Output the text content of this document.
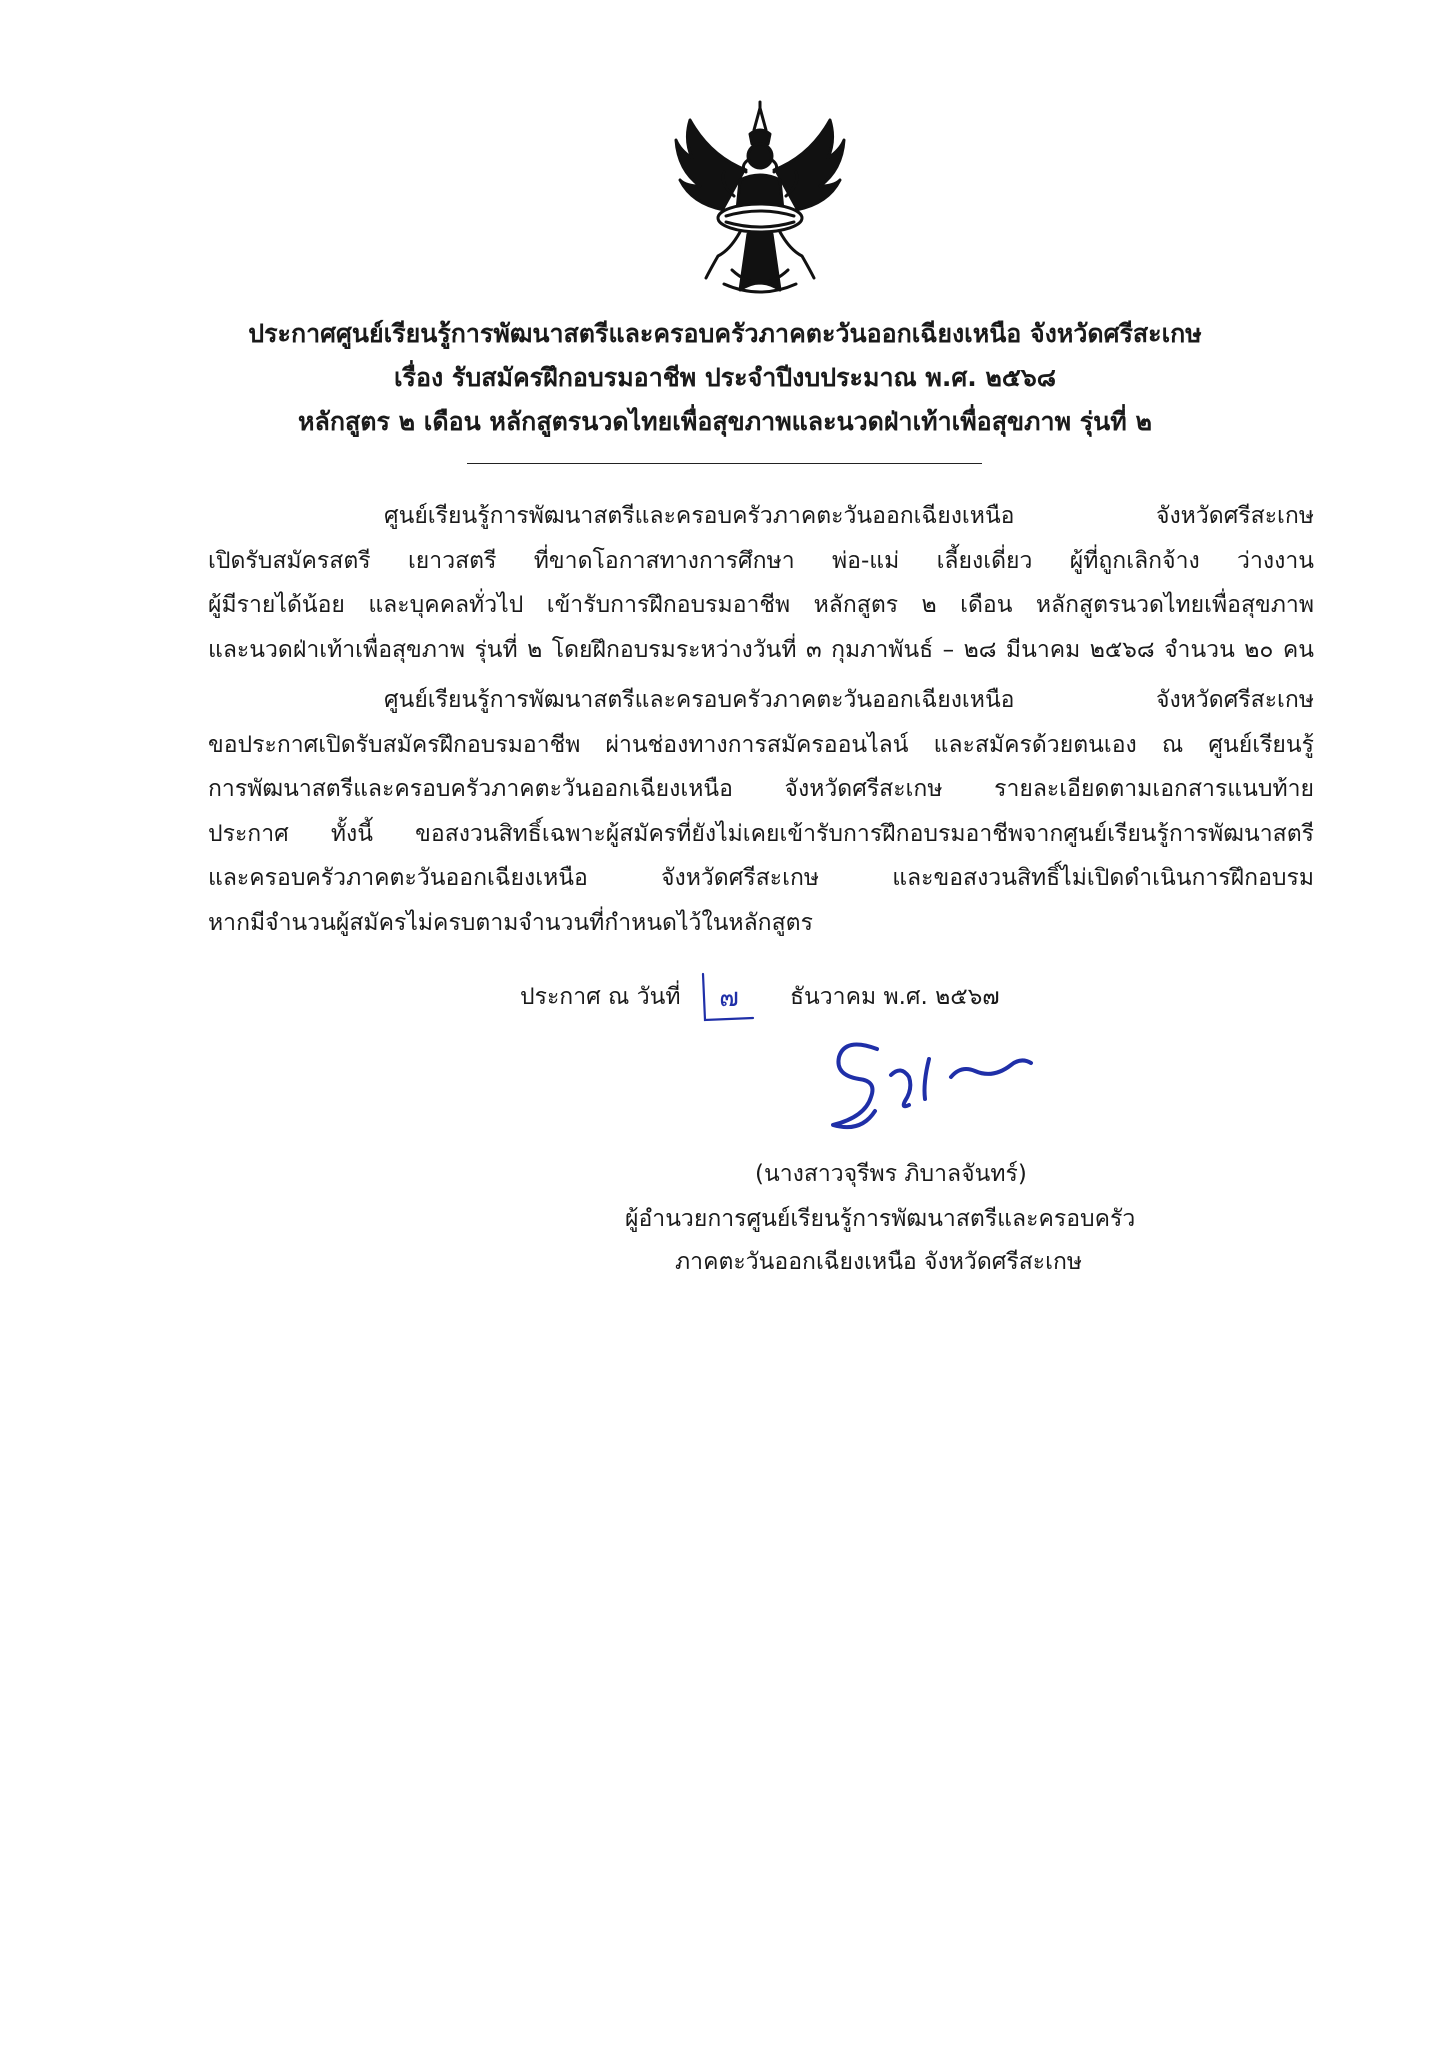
ประกาศศูนย์เรียนรู้การพัฒนาสตรีและครอบครัวภาคตะวันออกเฉียงเหนือ จังหวัดศรีสะเกษ
เรื่อง รับสมัครฝึกอบรมอาชีพ ประจำปีงบประมาณ พ.ศ. ๒๕๖๘
หลักสูตร ๒ เดือน หลักสูตรนวดไทยเพื่อสุขภาพและนวดฝ่าเท้าเพื่อสุขภาพ รุ่นที่ ๒
ศูนย์เรียนรู้การพัฒนาสตรีและครอบครัวภาคตะวันออกเฉียงเหนือ จังหวัดศรีสะเกษ
เปิดรับสมัครสตรี เยาวสตรี ที่ขาดโอกาสทางการศึกษา พ่อ-แม่ เลี้ยงเดี่ยว ผู้ที่ถูกเลิกจ้าง ว่างงาน
ผู้มีรายได้น้อย และบุคคลทั่วไป เข้ารับการฝึกอบรมอาชีพ หลักสูตร ๒ เดือน หลักสูตรนวดไทยเพื่อสุขภาพ
และนวดฝ่าเท้าเพื่อสุขภาพ รุ่นที่ ๒ โดยฝึกอบรมระหว่างวันที่ ๓ กุมภาพันธ์ – ๒๘ มีนาคม ๒๕๖๘ จำนวน ๒๐ คน
ศูนย์เรียนรู้การพัฒนาสตรีและครอบครัวภาคตะวันออกเฉียงเหนือ จังหวัดศรีสะเกษ
ขอประกาศเปิดรับสมัครฝึกอบรมอาชีพ ผ่านช่องทางการสมัครออนไลน์ และสมัครด้วยตนเอง ณ ศูนย์เรียนรู้
การพัฒนาสตรีและครอบครัวภาคตะวันออกเฉียงเหนือ จังหวัดศรีสะเกษ รายละเอียดตามเอกสารแนบท้าย
ประกาศ ทั้งนี้ ขอสงวนสิทธิ์เฉพาะผู้สมัครที่ยังไม่เคยเข้ารับการฝึกอบรมอาชีพจากศูนย์เรียนรู้การพัฒนาสตรี
และครอบครัวภาคตะวันออกเฉียงเหนือ จังหวัดศรีสะเกษ และขอสงวนสิทธิ์ไม่เปิดดำเนินการฝึกอบรม
หากมีจำนวนผู้สมัครไม่ครบตามจำนวนที่กำหนดไว้ในหลักสูตร
ประกาศ ณ วันที่ ๗ ธันวาคม พ.ศ. ๒๕๖๗
(นางสาวจุรีพร ภิบาลจันทร์)
ผู้อำนวยการศูนย์เรียนรู้การพัฒนาสตรีและครอบครัว
ภาคตะวันออกเฉียงเหนือ จังหวัดศรีสะเกษ
